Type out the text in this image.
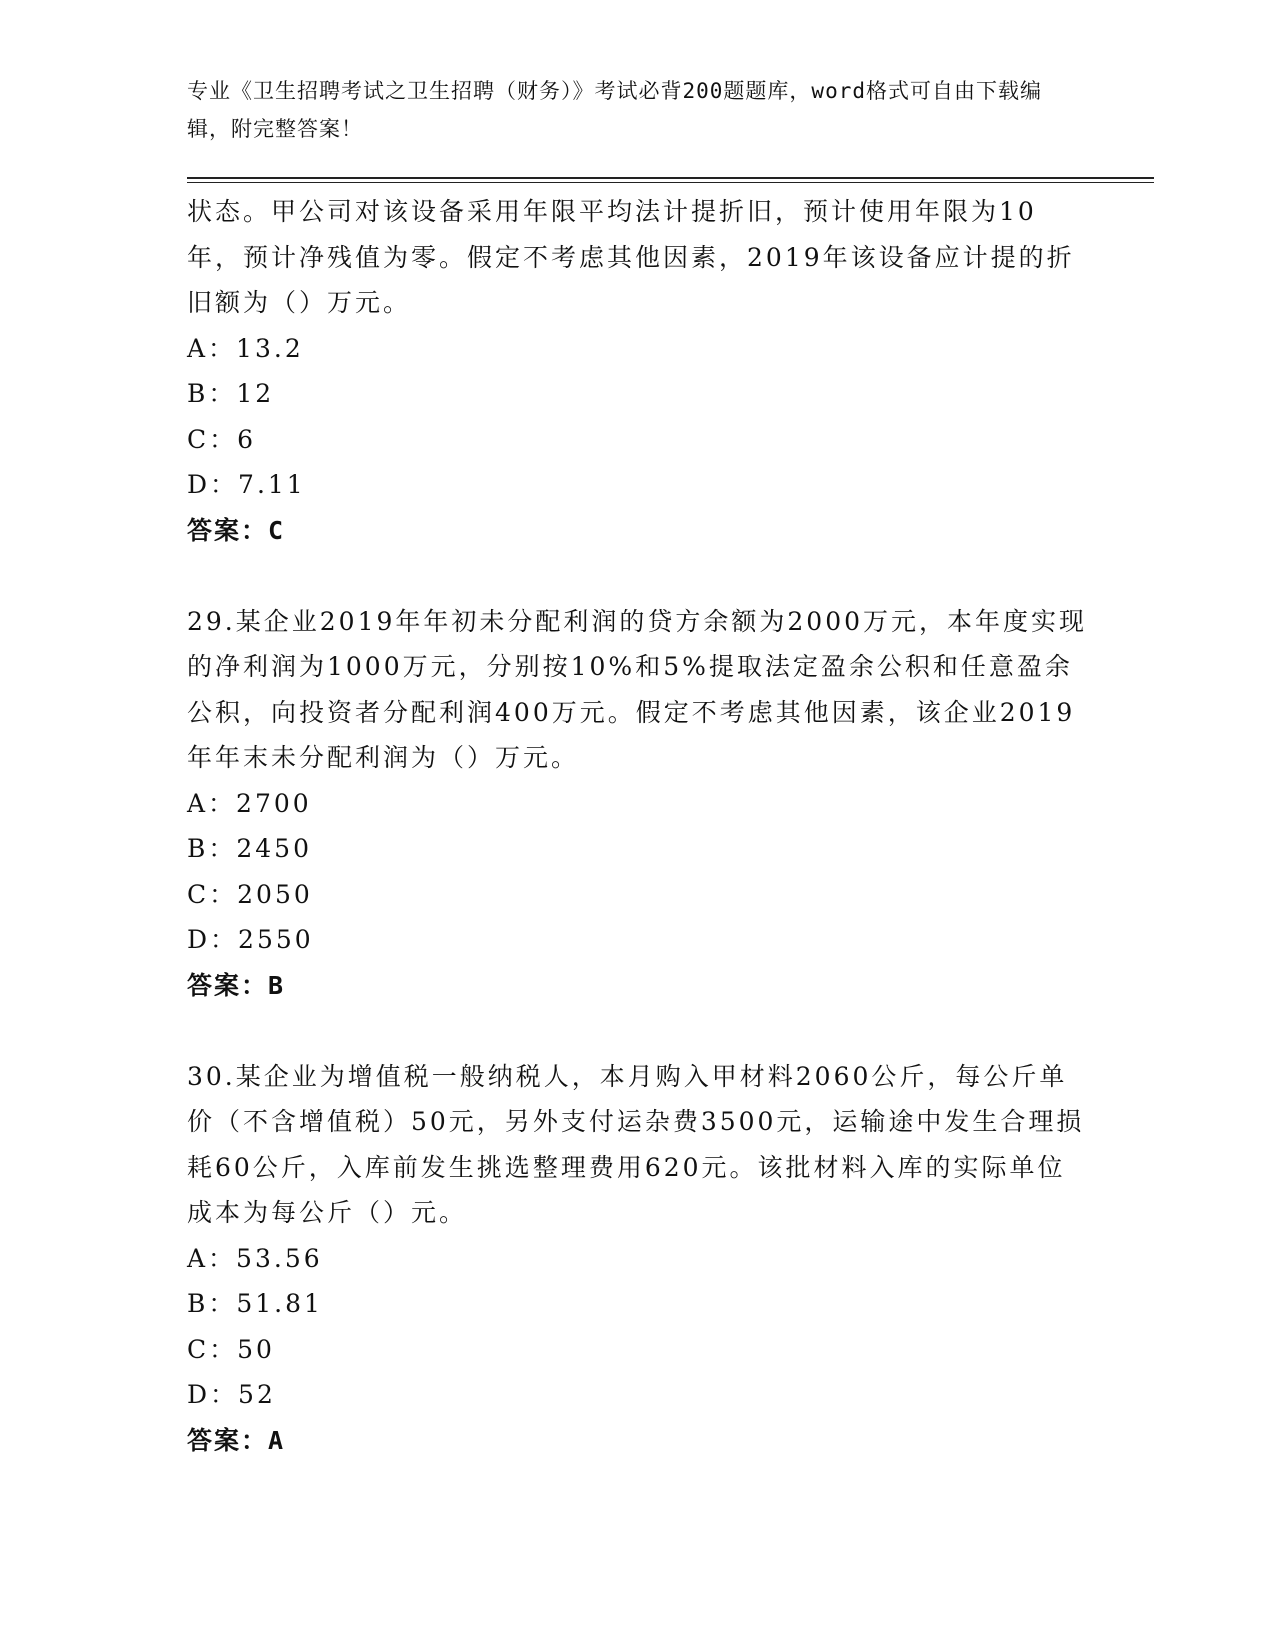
专业《卫生招聘考试之卫生招聘（财务）》考试必背200题题库，word格式可自由下载编辑，附完整答案！

状态。甲公司对该设备采用年限平均法计提折旧，预计使用年限为10年，预计净残值为零。假定不考虑其他因素，2019年该设备应计提的折旧额为（）万元。

A：13.2

B：12

C：6

D：7.11

答案：C

29.某企业2019年年初未分配利润的贷方余额为2000万元，本年度实现的净利润为1000万元，分别按10%和5%提取法定盈余公积和任意盈余公积，向投资者分配利润400万元。假定不考虑其他因素，该企业2019年年末未分配利润为（）万元。

A：2700

B：2450

C：2050

D：2550

答案：B

30.某企业为增值税一般纳税人，本月购入甲材料2060公斤，每公斤单价（不含增值税）50元，另外支付运杂费3500元，运输途中发生合理损耗60公斤，入库前发生挑选整理费用620元。该批材料入库的实际单位成本为每公斤（）元。

A：53.56

B：51.81

C：50

D：52

答案：A
